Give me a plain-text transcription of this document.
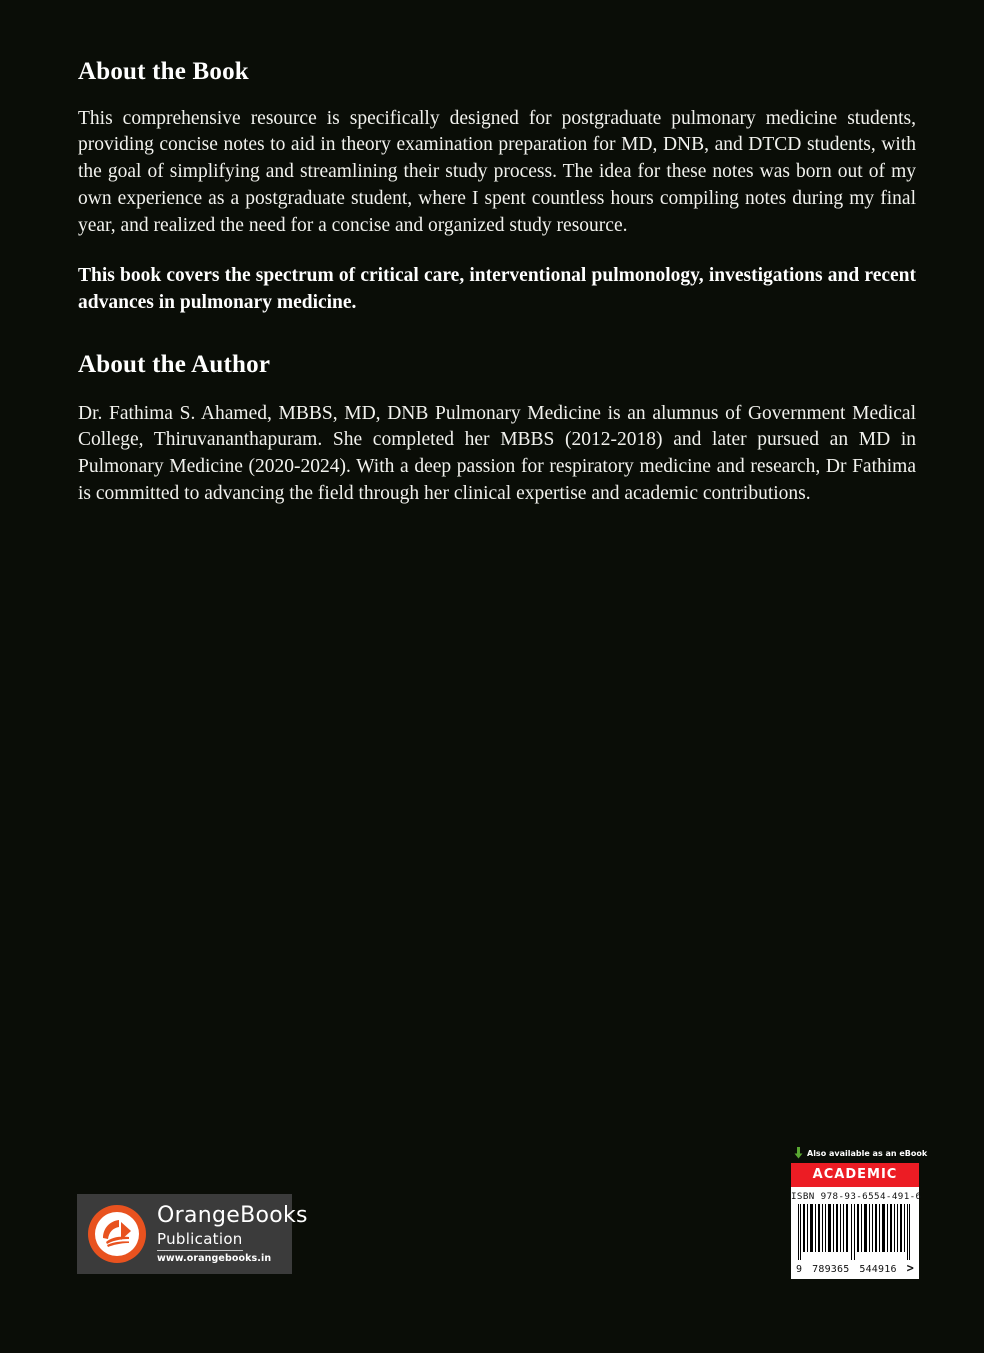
About the Book

This comprehensive resource is specifically designed for postgraduate pulmonary medicine students, providing concise notes to aid in theory examination preparation for MD, DNB, and DTCD students, with the goal of simplifying and streamlining their study process. The idea for these notes was born out of my own experience as a postgraduate student, where I spent countless hours compiling notes during my final year, and realized the need for a concise and organized study resource.

This book covers the spectrum of critical care, interventional pulmonology, investigations and recent advances in pulmonary medicine.

About the Author

Dr. Fathima S. Ahamed, MBBS, MD, DNB Pulmonary Medicine is an alumnus of Government Medical College, Thiruvananthapuram. She completed her MBBS (2012-2018) and later pursued an MD in Pulmonary Medicine (2020-2024). With a deep passion for respiratory medicine and research, Dr Fathima is committed to advancing the field through her clinical expertise and academic contributions.

OrangeBooks
Publication
www.orangebooks.in
Also available as an eBook
ACADEMIC
ISBN 978-93-6554-491-6
9 789365 544916 >
